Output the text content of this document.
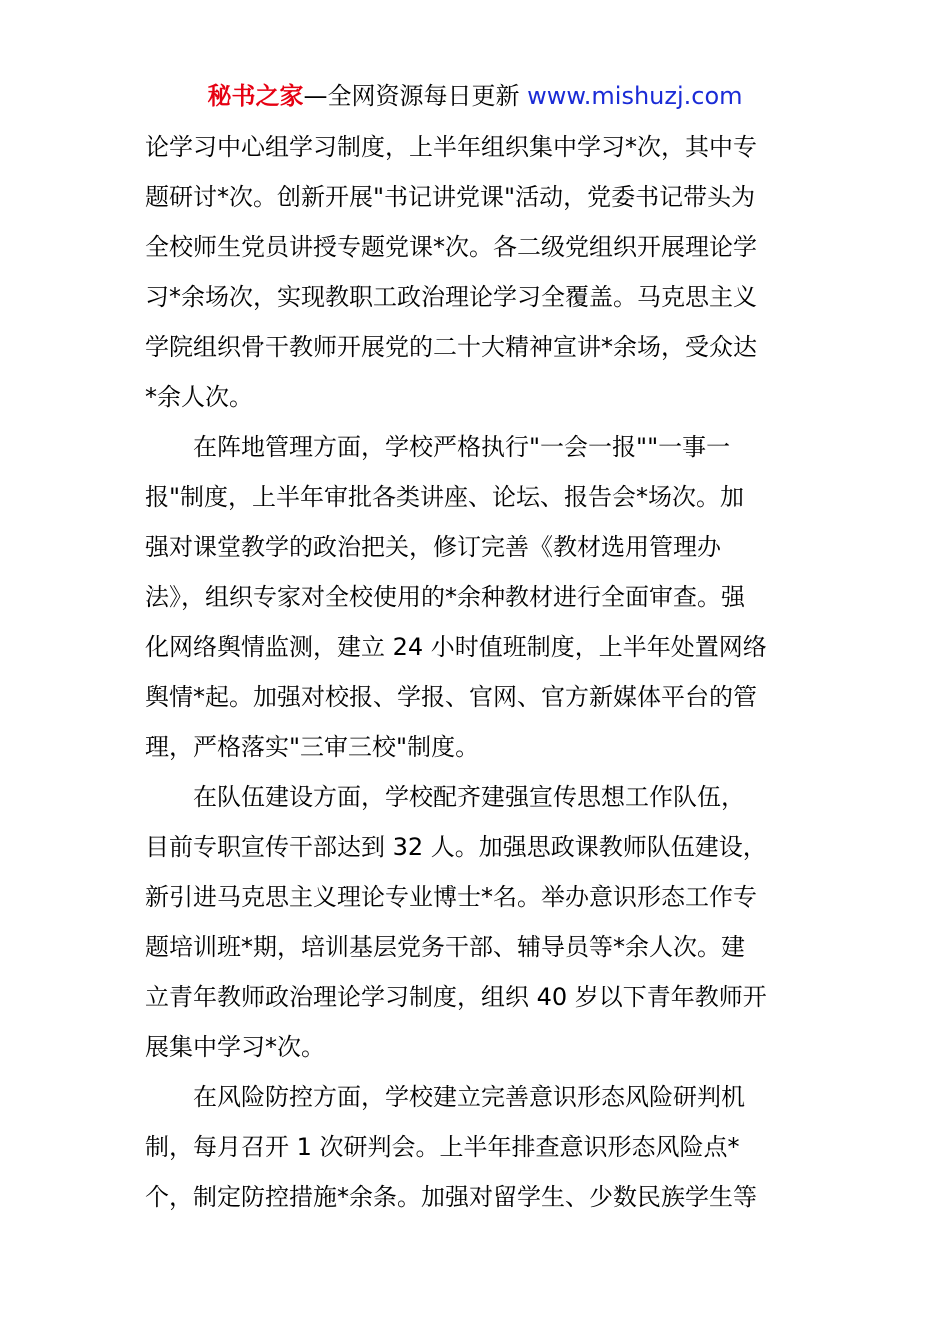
秘书之家—全网资源每日更新 www.mishuzj.com
论学习中心组学习制度，上半年组织集中学习*次，其中专
题研讨*次。创新开展"书记讲党课"活动，党委书记带头为
全校师生党员讲授专题党课*次。各二级党组织开展理论学
习*余场次，实现教职工政治理论学习全覆盖。马克思主义
学院组织骨干教师开展党的二十大精神宣讲*余场，受众达
*余人次。
在阵地管理方面，学校严格执行"一会一报""一事一
报"制度，上半年审批各类讲座、论坛、报告会*场次。加
强对课堂教学的政治把关，修订完善《教材选用管理办
法》，组织专家对全校使用的*余种教材进行全面审查。强
化网络舆情监测，建立 24 小时值班制度，上半年处置网络
舆情*起。加强对校报、学报、官网、官方新媒体平台的管
理，严格落实"三审三校"制度。
在队伍建设方面，学校配齐建强宣传思想工作队伍，
目前专职宣传干部达到 32 人。加强思政课教师队伍建设，
新引进马克思主义理论专业博士*名。举办意识形态工作专
题培训班*期，培训基层党务干部、辅导员等*余人次。建
立青年教师政治理论学习制度，组织 40 岁以下青年教师开
展集中学习*次。
在风险防控方面，学校建立完善意识形态风险研判机
制，每月召开 1 次研判会。上半年排查意识形态风险点*
个，制定防控措施*余条。加强对留学生、少数民族学生等
